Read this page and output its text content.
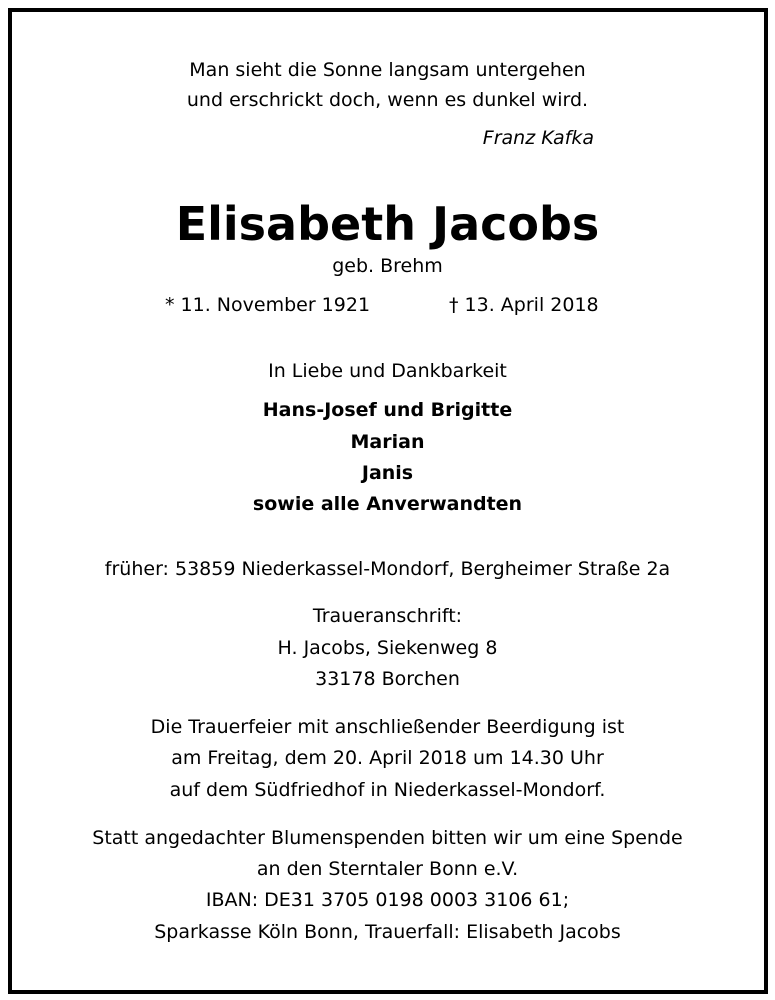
Man sieht die Sonne langsam untergehen
und erschrickt doch, wenn es dunkel wird.
Franz Kafka
Elisabeth Jacobs
geb. Brehm
* 11. November 1921	† 13. April 2018
In Liebe und Dankbarkeit
Hans-Josef und Brigitte
Marian
Janis
sowie alle Anverwandten
früher: 53859 Niederkassel-Mondorf, Bergheimer Straße 2a
Traueranschrift:
H. Jacobs, Siekenweg 8
33178 Borchen
Die Trauerfeier mit anschließender Beerdigung ist
am Freitag, dem 20. April 2018 um 14.30 Uhr
auf dem Südfriedhof in Niederkassel-Mondorf.
Statt angedachter Blumenspenden bitten wir um eine Spende
an den Sterntaler Bonn e.V.
IBAN: DE31 3705 0198 0003 3106 61;
Sparkasse Köln Bonn, Trauerfall: Elisabeth Jacobs
